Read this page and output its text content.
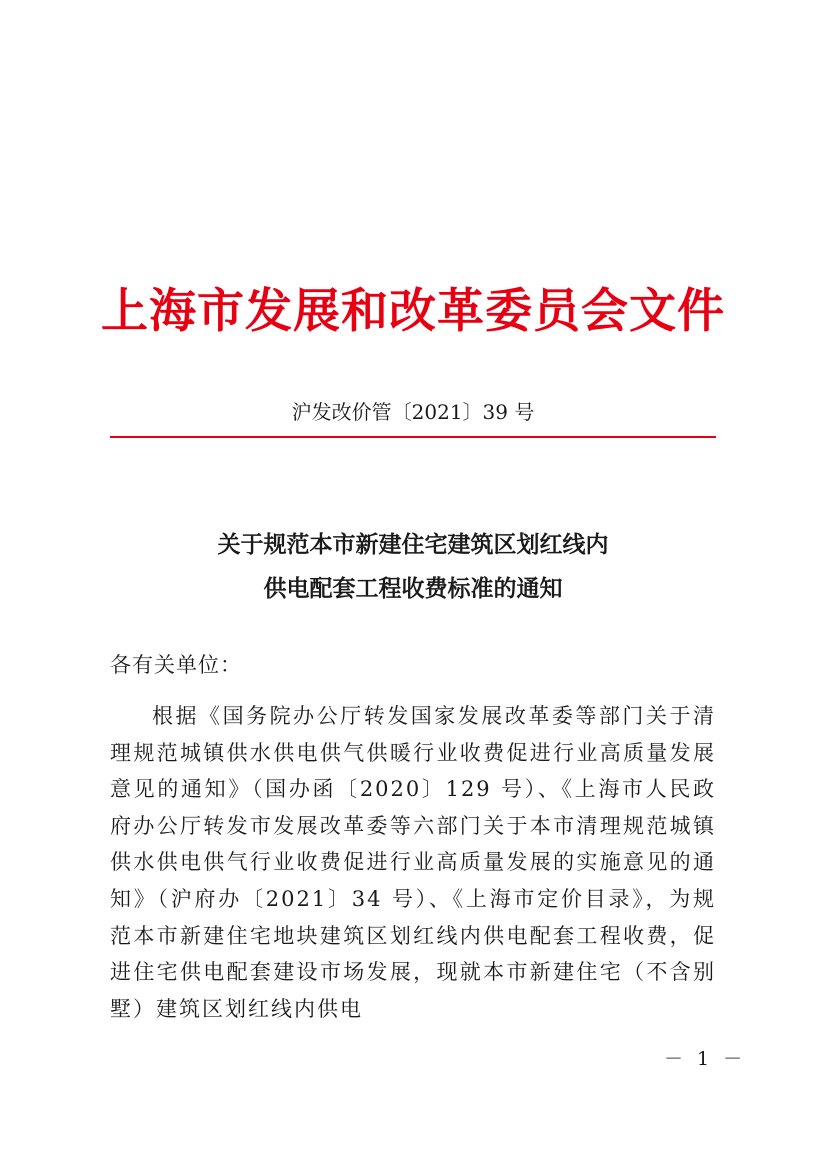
上海市发展和改革委员会文件
沪发改价管〔2021〕39 号
关于规范本市新建住宅建筑区划红线内
供电配套工程收费标准的通知
各有关单位：

根据《国务院办公厅转发国家发展改革委等部门关于清理规范城镇供水供电供气供暖行业收费促进行业高质量发展意见的通知》（国办函〔2020〕129 号）、《上海市人民政府办公厅转发市发展改革委等六部门关于本市清理规范城镇供水供电供气行业收费促进行业高质量发展的实施意见的通知》（沪府办〔2021〕34 号）、《上海市定价目录》，为规范本市新建住宅地块建筑区划红线内供电配套工程收费，促进住宅供电配套建设市场发展，现就本市新建住宅（不含别墅）建筑区划红线内供电

－ 1 －
